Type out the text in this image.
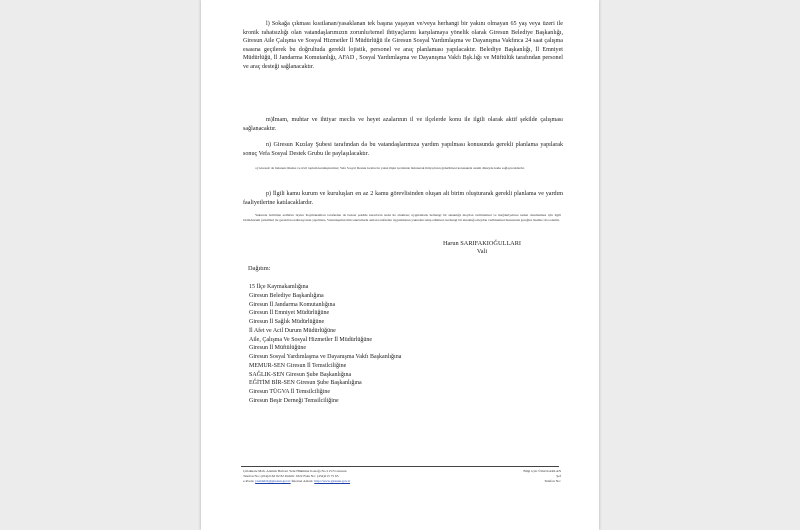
l) Sokağa çıkması kısıtlanan/yasaklanan tek başına yaşayan ve/veya herhangi bir yakını olmayan 65 yaş veya üzeri ile kronik rahatsızlığı olan vatandaşlarımızın zorunlu/temel ihtiyaçlarını karşılamaya yönelik olarak Giresun Belediye Başkanlığı, Giresun Aile Çalışma ve Sosyal Hizmetler İl Müdürlüğü ile Giresun Sosyal Yardımlaşma ve Dayanışma Vakfınca 24 saat çalışma esasına geçilerek bu doğrultuda gerekli lojistik, personel ve araç planlaması yapılacaktır. Belediye Başkanlığı, İl Emniyet Müdürlüğü, İl Jandarma Komutanlığı, AFAD , Sosyal Yardımlaşma ve Dayanışma Vakfı Bşk.lığı ve Müftülük tarafından personel ve araç desteği sağlanacaktır.

m)İmam, muhtar ve ihtiyar meclis ve heyet azalarının il ve ilçelerde konu ile ilgili olarak aktif şekilde çalışması sağlanacaktır.

n) Giresun Kızılay Şubesi tarafından da bu vatandaşlarımıza yardım yapılması konusunda gerekli planlama yapılarak sonuç Vefa Sosyal Destek Grubu ile paylaşılacaktır.

o) Giresun' da bulunan Okulas ve sivil toplum kuruluşlarımız; Vefa Sosyal Destek Grubu ile yakın ilişki içerisinde bulunarak ihtiyaçların giderilmesi konusunda azami düzeyde katkı sağlayacaklardır.

p) İlgili kamu kurum ve kuruluşları en az 2 kamu görevlisinden oluşan alt birim oluşturarak gerekli planlama ve yardım faaliyetlerine katılacaklardır.

Yukarıda belirtilen tedbirler ilçeler Kaymakamları tarafından da benzer şekilde kararların tesisi ile alınması; uygulamada herhangi bir aksaklığa meydan verilmemesi ve mağduriyetlere neden olunmaması için ilgili birim/kurum yetkilileri ile gerekli koordinasyonun yapılması, Vatandaşımın tüm sınırlamada anılan tarafından uygulamanın yakından takip edilmesi, herhangi bir aksaklığa meydan verilmemesi hususunda gereğini önemle rica ederim.

Harun SARIFAKIOĞULLARI
Vali
Dağıtım:
15 İlçe Kaymakamlığına
Giresun Belediye Başkanlığına
Giresun İl Jandarma Komutanlığına
Giresun İl Emniyet Müdürlüğüne
Giresun İl Sağlık Müdürlüğüne
İl Afet ve Acil Durum Müdürlüğüne
Aile, Çalışma Ve Sosyal Hizmetler İl Müdürlüğüne
Giresun İl Müftülüğüne
Giresun Sosyal Yardımlaşma ve Dayanışma Vakfı Başkanlığına
MEMUR-SEN Giresun İl Temsilciliğine
SAĞLIK-SEN Giresun Şube Başkanlığına
EĞİTİM BİR-SEN Giresun Şube Başkanlığına
Giresun TÜGVA İl Temsilciliğine
Giresun Beşir Derneği Temsilciliğine
Çıtlakkale Mah. Atatürk Bulvarı Yeni Hükümet Konağı No:115/3 Giresun
Telefon No: (454)2162 82 82 Dahili: 1822 Faks No: (454)215 75 65
e-Posta: yazidebrl@giresun.gov.tr İnternet Adresi: http://www.giresun.gov.tr
Bilgi için: Ümit KARLAN
Şef
Telefon No:
